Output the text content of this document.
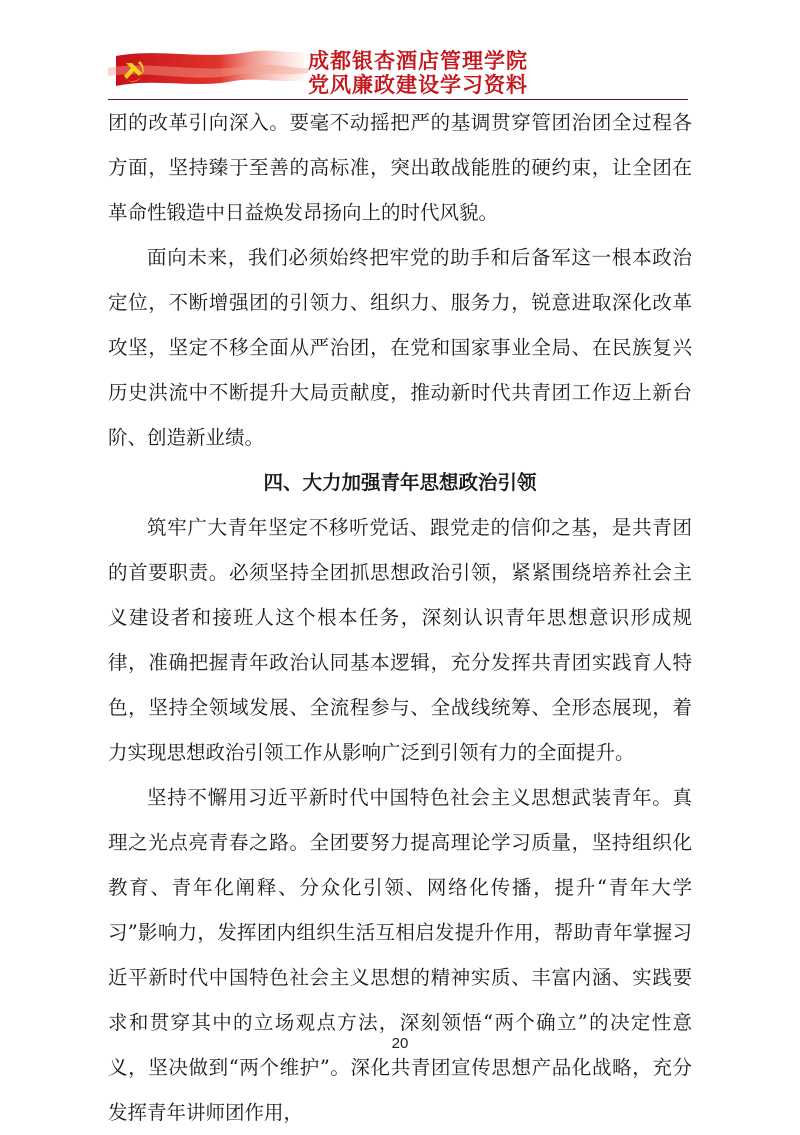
成都银杏酒店管理学院
党风廉政建设学习资料

团的改革引向深入。要毫不动摇把严的基调贯穿管团治团全过程各方面，坚持臻于至善的高标准，突出敢战能胜的硬约束，让全团在革命性锻造中日益焕发昂扬向上的时代风貌。

面向未来，我们必须始终把牢党的助手和后备军这一根本政治定位，不断增强团的引领力、组织力、服务力，锐意进取深化改革攻坚，坚定不移全面从严治团，在党和国家事业全局、在民族复兴历史洪流中不断提升大局贡献度，推动新时代共青团工作迈上新台阶、创造新业绩。

四、大力加强青年思想政治引领

筑牢广大青年坚定不移听党话、跟党走的信仰之基，是共青团的首要职责。必须坚持全团抓思想政治引领，紧紧围绕培养社会主义建设者和接班人这个根本任务，深刻认识青年思想意识形成规律，准确把握青年政治认同基本逻辑，充分发挥共青团实践育人特色，坚持全领域发展、全流程参与、全战线统筹、全形态展现，着力实现思想政治引领工作从影响广泛到引领有力的全面提升。

坚持不懈用习近平新时代中国特色社会主义思想武装青年。真理之光点亮青春之路。全团要努力提高理论学习质量，坚持组织化教育、青年化阐释、分众化引领、网络化传播，提升“青年大学习”影响力，发挥团内组织生活互相启发提升作用，帮助青年掌握习近平新时代中国特色社会主义思想的精神实质、丰富内涵、实践要求和贯穿其中的立场观点方法，深刻领悟“两个确立”的决定性意义，坚决做到“两个维护”。深化共青团宣传思想产品化战略，充分发挥青年讲师团作用，

20
